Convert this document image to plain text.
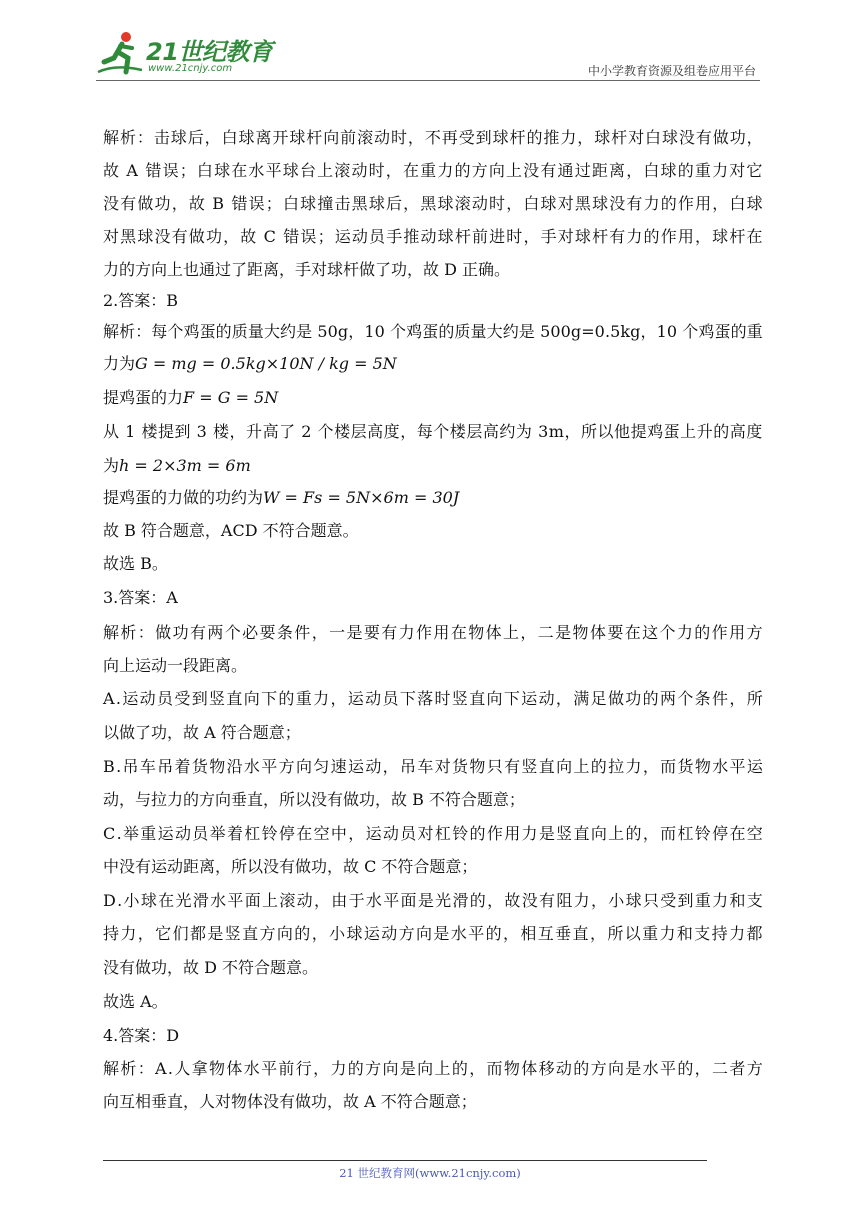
21世纪教育
www.21cnjy.com	中小学教育资源及组卷应用平台
解 析 ： 击 球 后 ， 白 球 离 开 球 杆 向 前 滚 动 时 ， 不 再 受 到 球 杆 的 推 力 ， 球 杆 对 白 球 没 有 做 功 ，
故
A
错 误 ； 白 球 在 水 平 球 台 上 滚 动 时 ， 在 重 力 的 方 向 上 没 有 通 过 距 离 ， 白 球 的 重 力 对 它
没 有 做 功 ， 故
B
错 误 ； 白 球 撞 击 黑 球 后 ， 黑 球 滚 动 时 ， 白 球 对 黑 球 没 有 力 的 作 用 ， 白 球
对 黑 球 没 有 做 功 ， 故
C
错 误 ； 运 动 员 手 推 动 球 杆 前 进 时 ， 手 对 球 杆 有 力 的 作 用 ， 球 杆 在
力的方向上也通过了距离，手对球杆做了功，故 D 正确。
2.答案：B
解 析 ： 每 个 鸡 蛋 的 质 量 大 约 是
5 0 g ， 1 0
个 鸡 蛋 的 质 量 大 约 是
5 0 0 g = 0 . 5 k g ， 1 0
个 鸡 蛋 的 重
力为G = mg = 0.5kg×10N / kg = 5N
提鸡蛋的力F = G = 5N
从
1
楼 提 到
3
楼 ， 升 高 了
2
个 楼 层 高 度 ， 每 个 楼 层 高 约 为
3 m ， 所 以 他 提 鸡 蛋 上 升 的 高 度
为h = 2×3m = 6m
提鸡蛋的力做的功约为W = Fs = 5N×6m = 30J
故 B 符合题意，ACD 不符合题意。
故选 B。
3.答案：A
解 析 ： 做 功 有 两 个 必 要 条 件 ， 一 是 要 有 力 作 用 在 物 体 上 ， 二 是 物 体 要 在 这 个 力 的 作 用 方
向上运动一段距离。
A . 运 动 员 受 到 竖 直 向 下 的 重 力 ， 运 动 员 下 落 时 竖 直 向 下 运 动 ， 满 足 做 功 的 两 个 条 件 ， 所
以做了功，故 A 符合题意；
B . 吊 车 吊 着 货 物 沿 水 平 方 向 匀 速 运 动 ， 吊 车 对 货 物 只 有 竖 直 向 上 的 拉 力 ， 而 货 物 水 平 运
动，与拉力的方向垂直，所以没有做功，故 B 不符合题意；
C . 举 重 运 动 员 举 着 杠 铃 停 在 空 中 ， 运 动 员 对 杠 铃 的 作 用 力 是 竖 直 向 上 的 ， 而 杠 铃 停 在 空
中没有运动距离，所以没有做功，故 C 不符合题意；
D . 小 球 在 光 滑 水 平 面 上 滚 动 ， 由 于 水 平 面 是 光 滑 的 ， 故 没 有 阻 力 ， 小 球 只 受 到 重 力 和 支
持 力 ， 它 们 都 是 竖 直 方 向 的 ， 小 球 运 动 方 向 是 水 平 的 ， 相 互 垂 直 ， 所 以 重 力 和 支 持 力 都
没有做功，故 D 不符合题意。
故选 A。
4.答案：D
解 析 ： A . 人 拿 物 体 水 平 前 行 ， 力 的 方 向 是 向 上 的 ， 而 物 体 移 动 的 方 向 是 水 平 的 ， 二 者 方
向互相垂直，人对物体没有做功，故 A 不符合题意；
21 世纪教育网(www.21cnjy.com)
